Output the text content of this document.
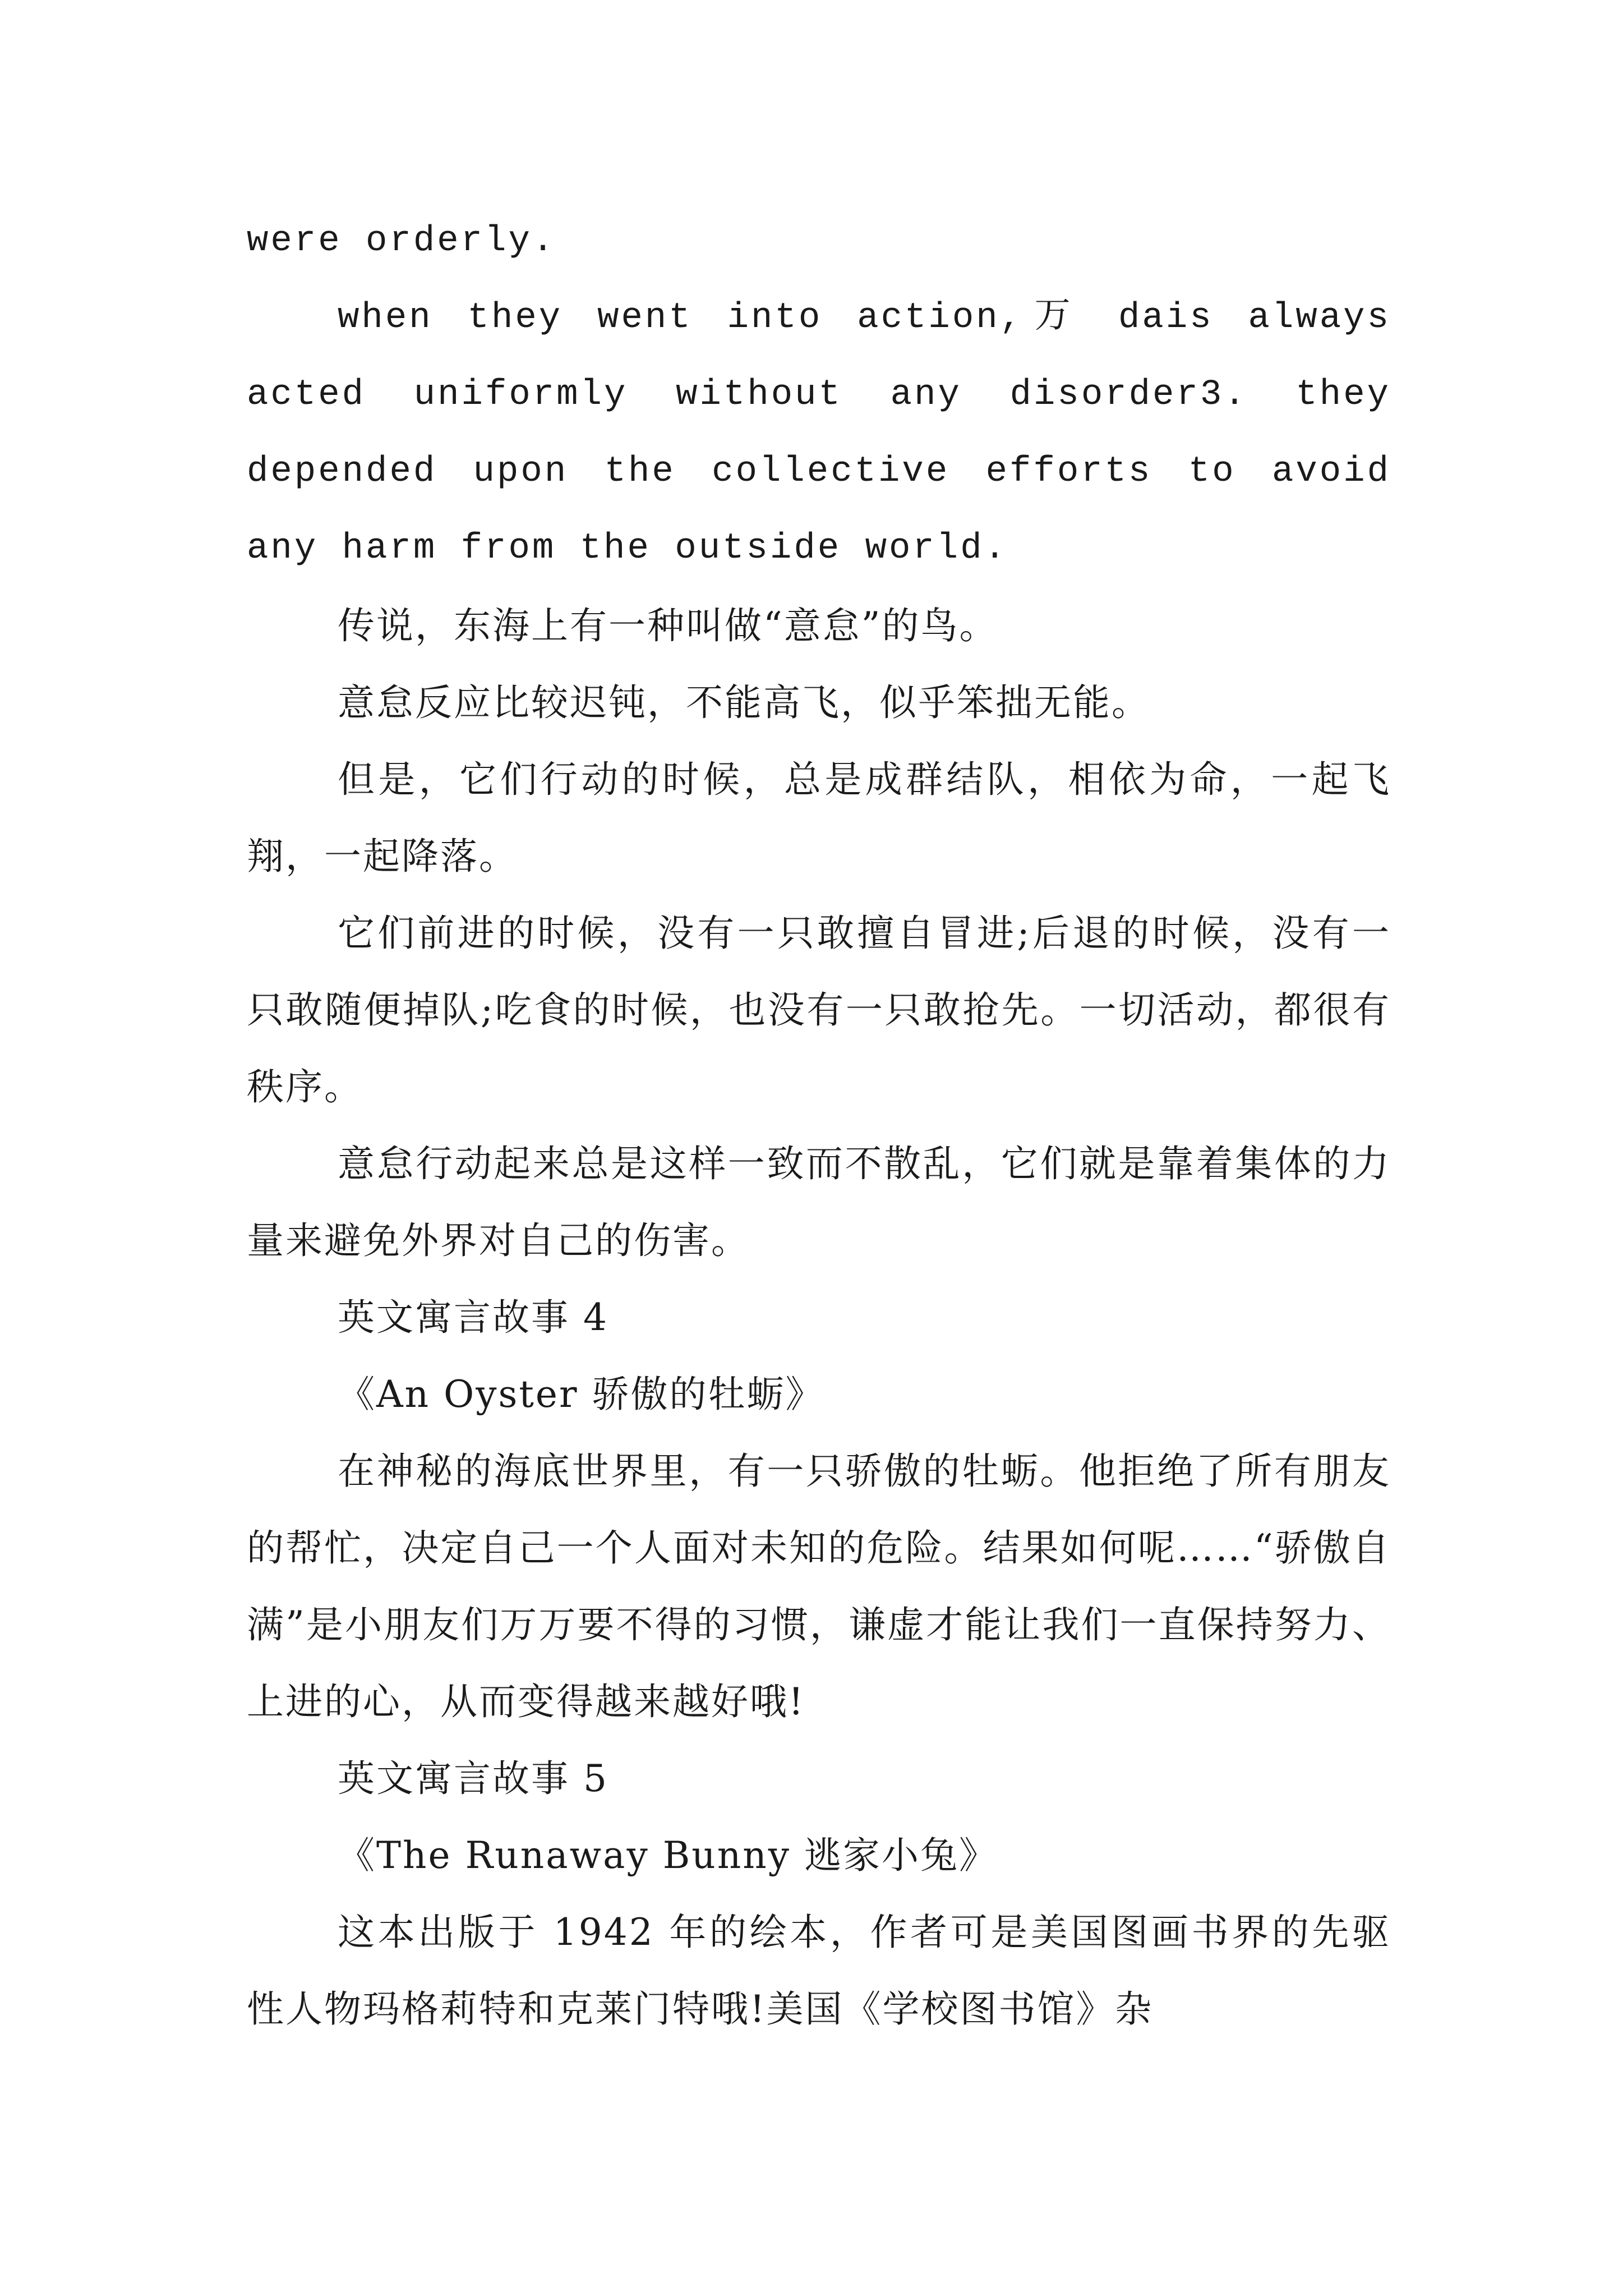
were orderly.

when they went into action,万 dais always acted uniformly without any disorder3. they depended upon the collective efforts to avoid any harm from the outside world.

传说，东海上有一种叫做“意怠”的鸟。

意怠反应比较迟钝，不能高飞，似乎笨拙无能。

但是，它们行动的时候，总是成群结队，相依为命，一起飞翔，一起降落。

它们前进的时候，没有一只敢擅自冒进;后退的时候，没有一只敢随便掉队;吃食的时候，也没有一只敢抢先。一切活动，都很有秩序。

意怠行动起来总是这样一致而不散乱，它们就是靠着集体的力量来避免外界对自己的伤害。

英文寓言故事 4

《An Oyster 骄傲的牡蛎》

在神秘的海底世界里，有一只骄傲的牡蛎。他拒绝了所有朋友的帮忙，决定自己一个人面对未知的危险。结果如何呢……“骄傲自满”是小朋友们万万要不得的习惯，谦虚才能让我们一直保持努力、上进的心，从而变得越来越好哦!

英文寓言故事 5

《The Runaway Bunny 逃家小兔》

这本出版于 1942 年的绘本，作者可是美国图画书界的先驱性人物玛格莉特和克莱门特哦!美国《学校图书馆》杂
